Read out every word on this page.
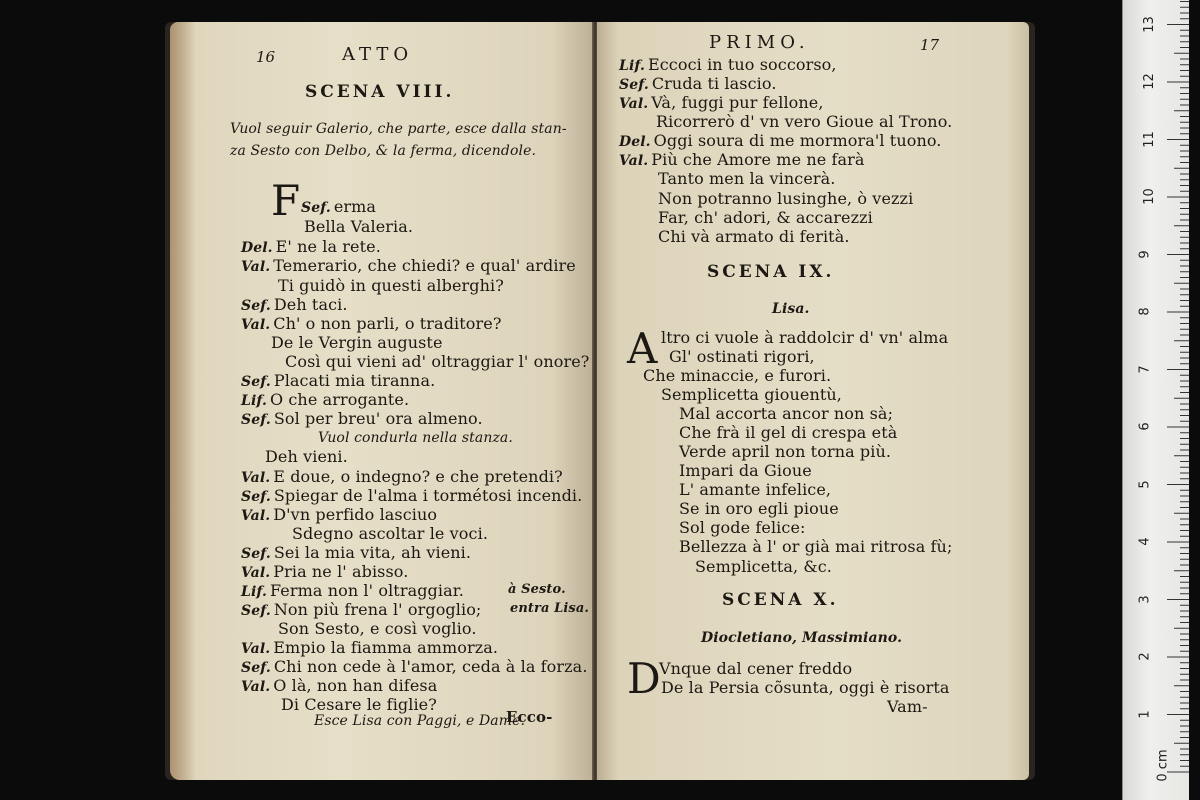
16	ATTO
SCENA VIII.
Vuol seguir Galerio, che parte, esce dalla stan-
za Sesto con Delbo, & la ferma, dicendole.
F Sef. erma
Bella Valeria.
Del. E' ne la rete.
Val. Temerario, che chiedi? e qual' ardire
Ti guidò in questi alberghi?
Sef. Deh taci.
Val. Ch' o non parli, o traditore?
De le Vergin auguste
Così qui vieni ad' oltraggiar l' onore?
Sef. Placati mia tiranna.
Lif. O che arrogante.
Sef. Sol per breu' ora almeno.
Vuol condurla nella stanza.
Deh vieni.
Val. E doue, o indegno? e che pretendi?
Sef. Spiegar de l'alma i tormétosi incendi.
Val. D'vn perfido lasciuo
Sdegno ascoltar le voci.
Sef. Sei la mia vita, ah vieni.
Val. Pria ne l' abisso.
Lif. Ferma non l' oltraggiar.
Sef. Non più frena l' orgoglio;
Son Sesto, e così voglio.
Val. Empio la fiamma ammorza.
Sef. Chi non cede à l'amor, ceda à la forza.
Val. O là, non han difesa
Di Cesare le figlie?
Esce Lisa con Paggi, e Dame.
à Sesto.
entra Lisa.
Ecco-
PRIMO.	17
Lif. Eccoci in tuo soccorso,
Sef. Cruda ti lascio.
Val. Và, fuggi pur fellone,
Ricorrerò d' vn vero Gioue al Trono.
Del. Oggi soura di me mormora'l tuono.
Val. Più che Amore me ne farà
Tanto men la vincerà.
Non potranno lusinghe, ò vezzi
Far, ch' adori, & accarezzi
Chi và armato di ferità.
SCENA IX.
Lisa.
A ltro ci vuole à raddolcir d' vn' alma
Gl' ostinati rigori,
Che minaccie, e furori.
Semplicetta giouentù,
Mal accorta ancor non sà;
Che frà il gel di crespa età
Verde april non torna più.
Impari da Gioue
L' amante infelice,
Se in oro egli pioue
Sol gode felice:
Bellezza à l' or già mai ritrosa fù;
Semplicetta, &c.
SCENA X.
Diocletiano, Massimiano.
D
Vnque dal cener freddo
De la Persia cõsunta, oggi è risorta
Vam-	1
2
3
4
5
6
7
8
9
10
11
12
13
0 cm
